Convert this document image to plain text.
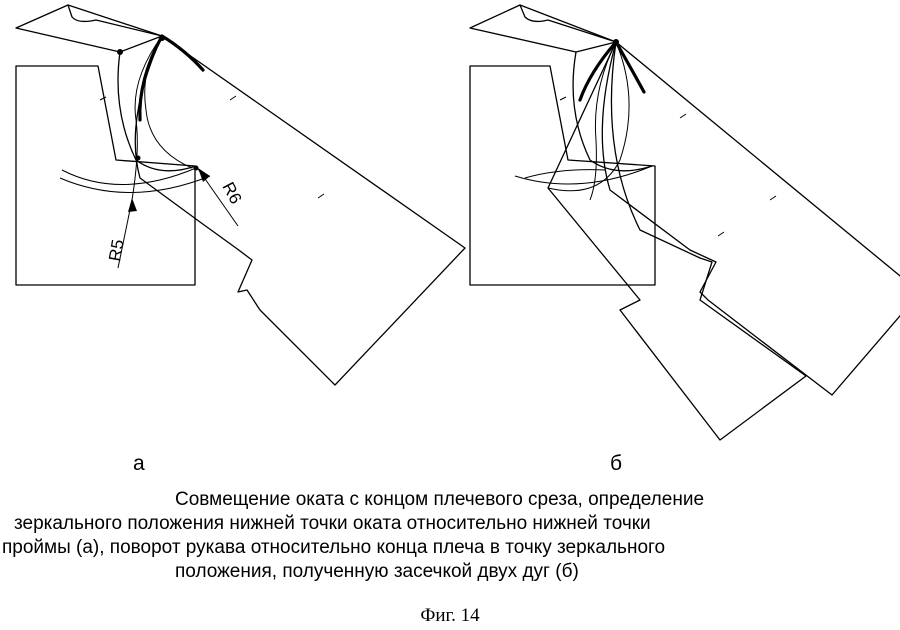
R5
R6
а	б
Совмещение оката с концом плечевого среза, определение
зеркального положения нижней точки оката относительно нижней точки
проймы (а), поворот рукава относительно конца плеча в точку зеркального
положения, полученную засечкой двух дуг (б)
Фиг. 14
